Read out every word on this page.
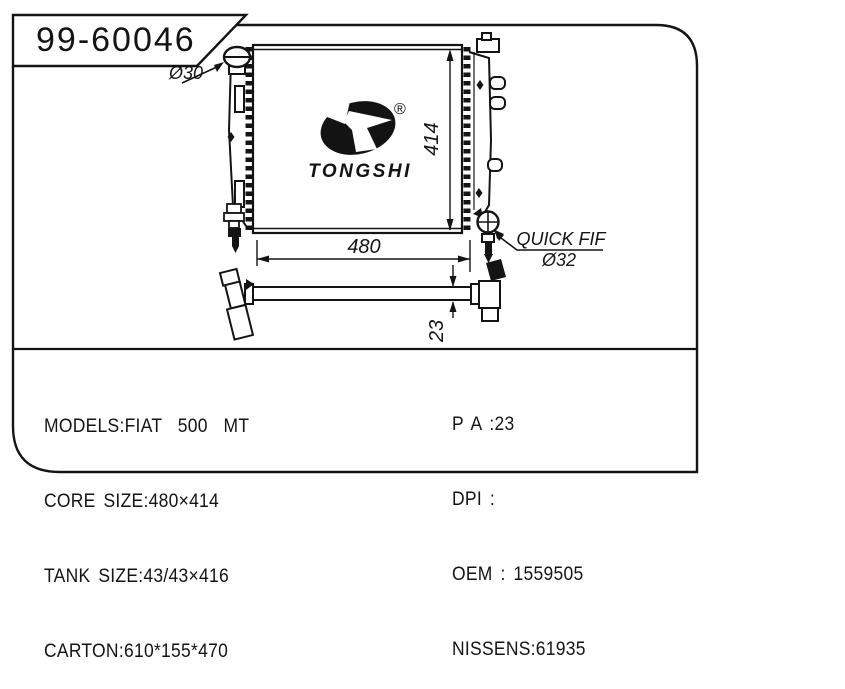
®
TONGSHI
Ø30
414
480	QUICK FIF
Ø32
23
99-60046

MODELS:FIAT  500  MT

CORE SIZE:480×414

TANK SIZE:43/43×416

CARTON:610*155*470

P A :23

DPI :

OEM : 1559505

NISSENS:61935
